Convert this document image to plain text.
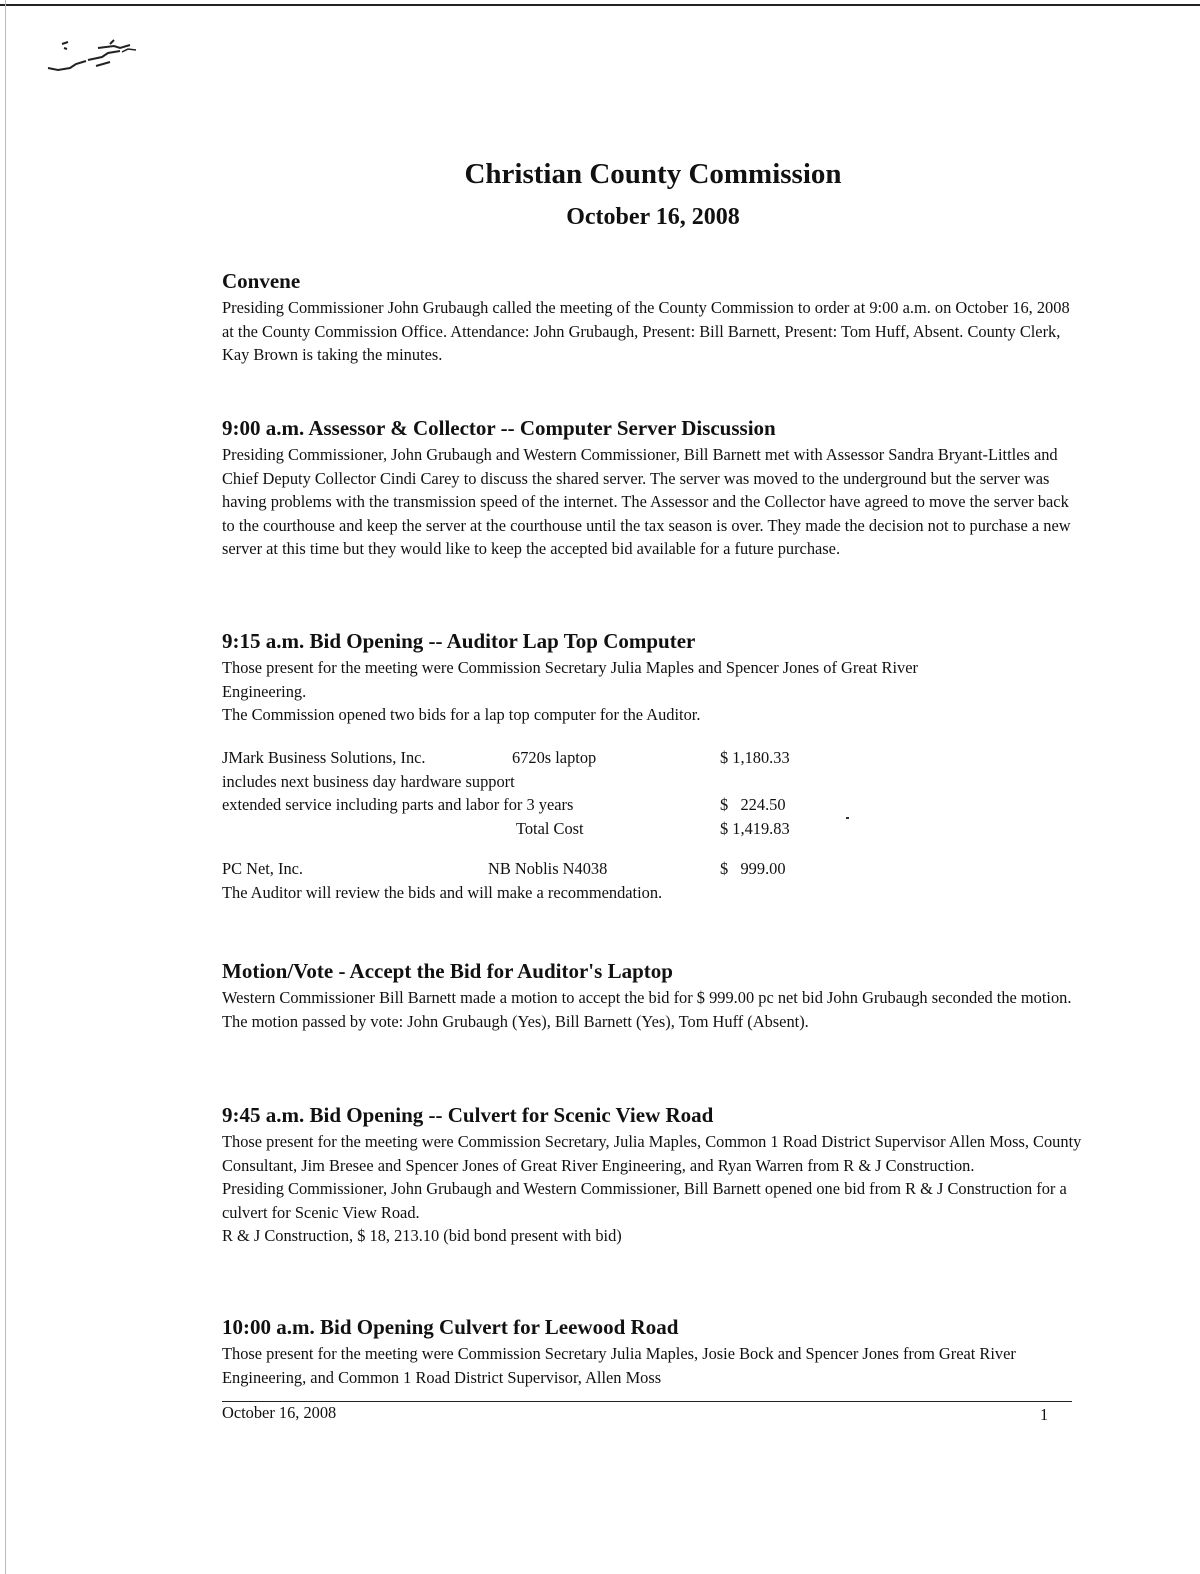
Christian County Commission
October 16, 2008
Convene

Presiding Commissioner John Grubaugh called the meeting of the County Commission to order at 9:00 a.m. on October 16, 2008 at the County Commission Office. Attendance: John Grubaugh, Present: Bill Barnett, Present: Tom Huff, Absent. County Clerk, Kay Brown is taking the minutes.

9:00 a.m. Assessor & Collector -- Computer Server Discussion

Presiding Commissioner, John Grubaugh and Western Commissioner, Bill Barnett met with Assessor Sandra Bryant-Littles and Chief Deputy Collector Cindi Carey to discuss the shared server. The server was moved to the underground but the server was having problems with the transmission speed of the internet. The Assessor and the Collector have agreed to move the server back to the courthouse and keep the server at the courthouse until the tax season is over. They made the decision not to purchase a new server at this time but they would like to keep the accepted bid available for a future purchase.

9:15 a.m. Bid Opening -- Auditor Lap Top Computer

Those present for the meeting were Commission Secretary Julia Maples and Spencer Jones of Great River

Engineering.

The Commission opened two bids for a lap top computer for the Auditor.

JMark Business Solutions, Inc.	6720s laptop	$ 1,180.33
includes next business day hardware support
extended service including parts and labor for 3 years	$   224.50
Total Cost	$ 1,419.83
PC Net, Inc.	NB Noblis N4038	$   999.00
The Auditor will review the bids and will make a recommendation.
Motion/Vote - Accept the Bid for Auditor's Laptop

Western Commissioner Bill Barnett made a motion to accept the bid for $ 999.00 pc net bid John Grubaugh seconded the motion. The motion passed by vote: John Grubaugh (Yes), Bill Barnett (Yes), Tom Huff (Absent).

9:45 a.m. Bid Opening -- Culvert for Scenic View Road

Those present for the meeting were Commission Secretary, Julia Maples, Common 1 Road District Supervisor Allen Moss, County Consultant, Jim Bresee and Spencer Jones of Great River Engineering, and Ryan Warren from R & J Construction.

Presiding Commissioner, John Grubaugh and Western Commissioner, Bill Barnett opened one bid from R & J Construction for a culvert for Scenic View Road.

R & J Construction, $ 18, 213.10 (bid bond present with bid)

10:00 a.m. Bid Opening Culvert for Leewood Road

Those present for the meeting were Commission Secretary Julia Maples, Josie Bock and Spencer Jones from Great River Engineering, and Common 1 Road District Supervisor, Allen Moss

October 16, 2008	1
